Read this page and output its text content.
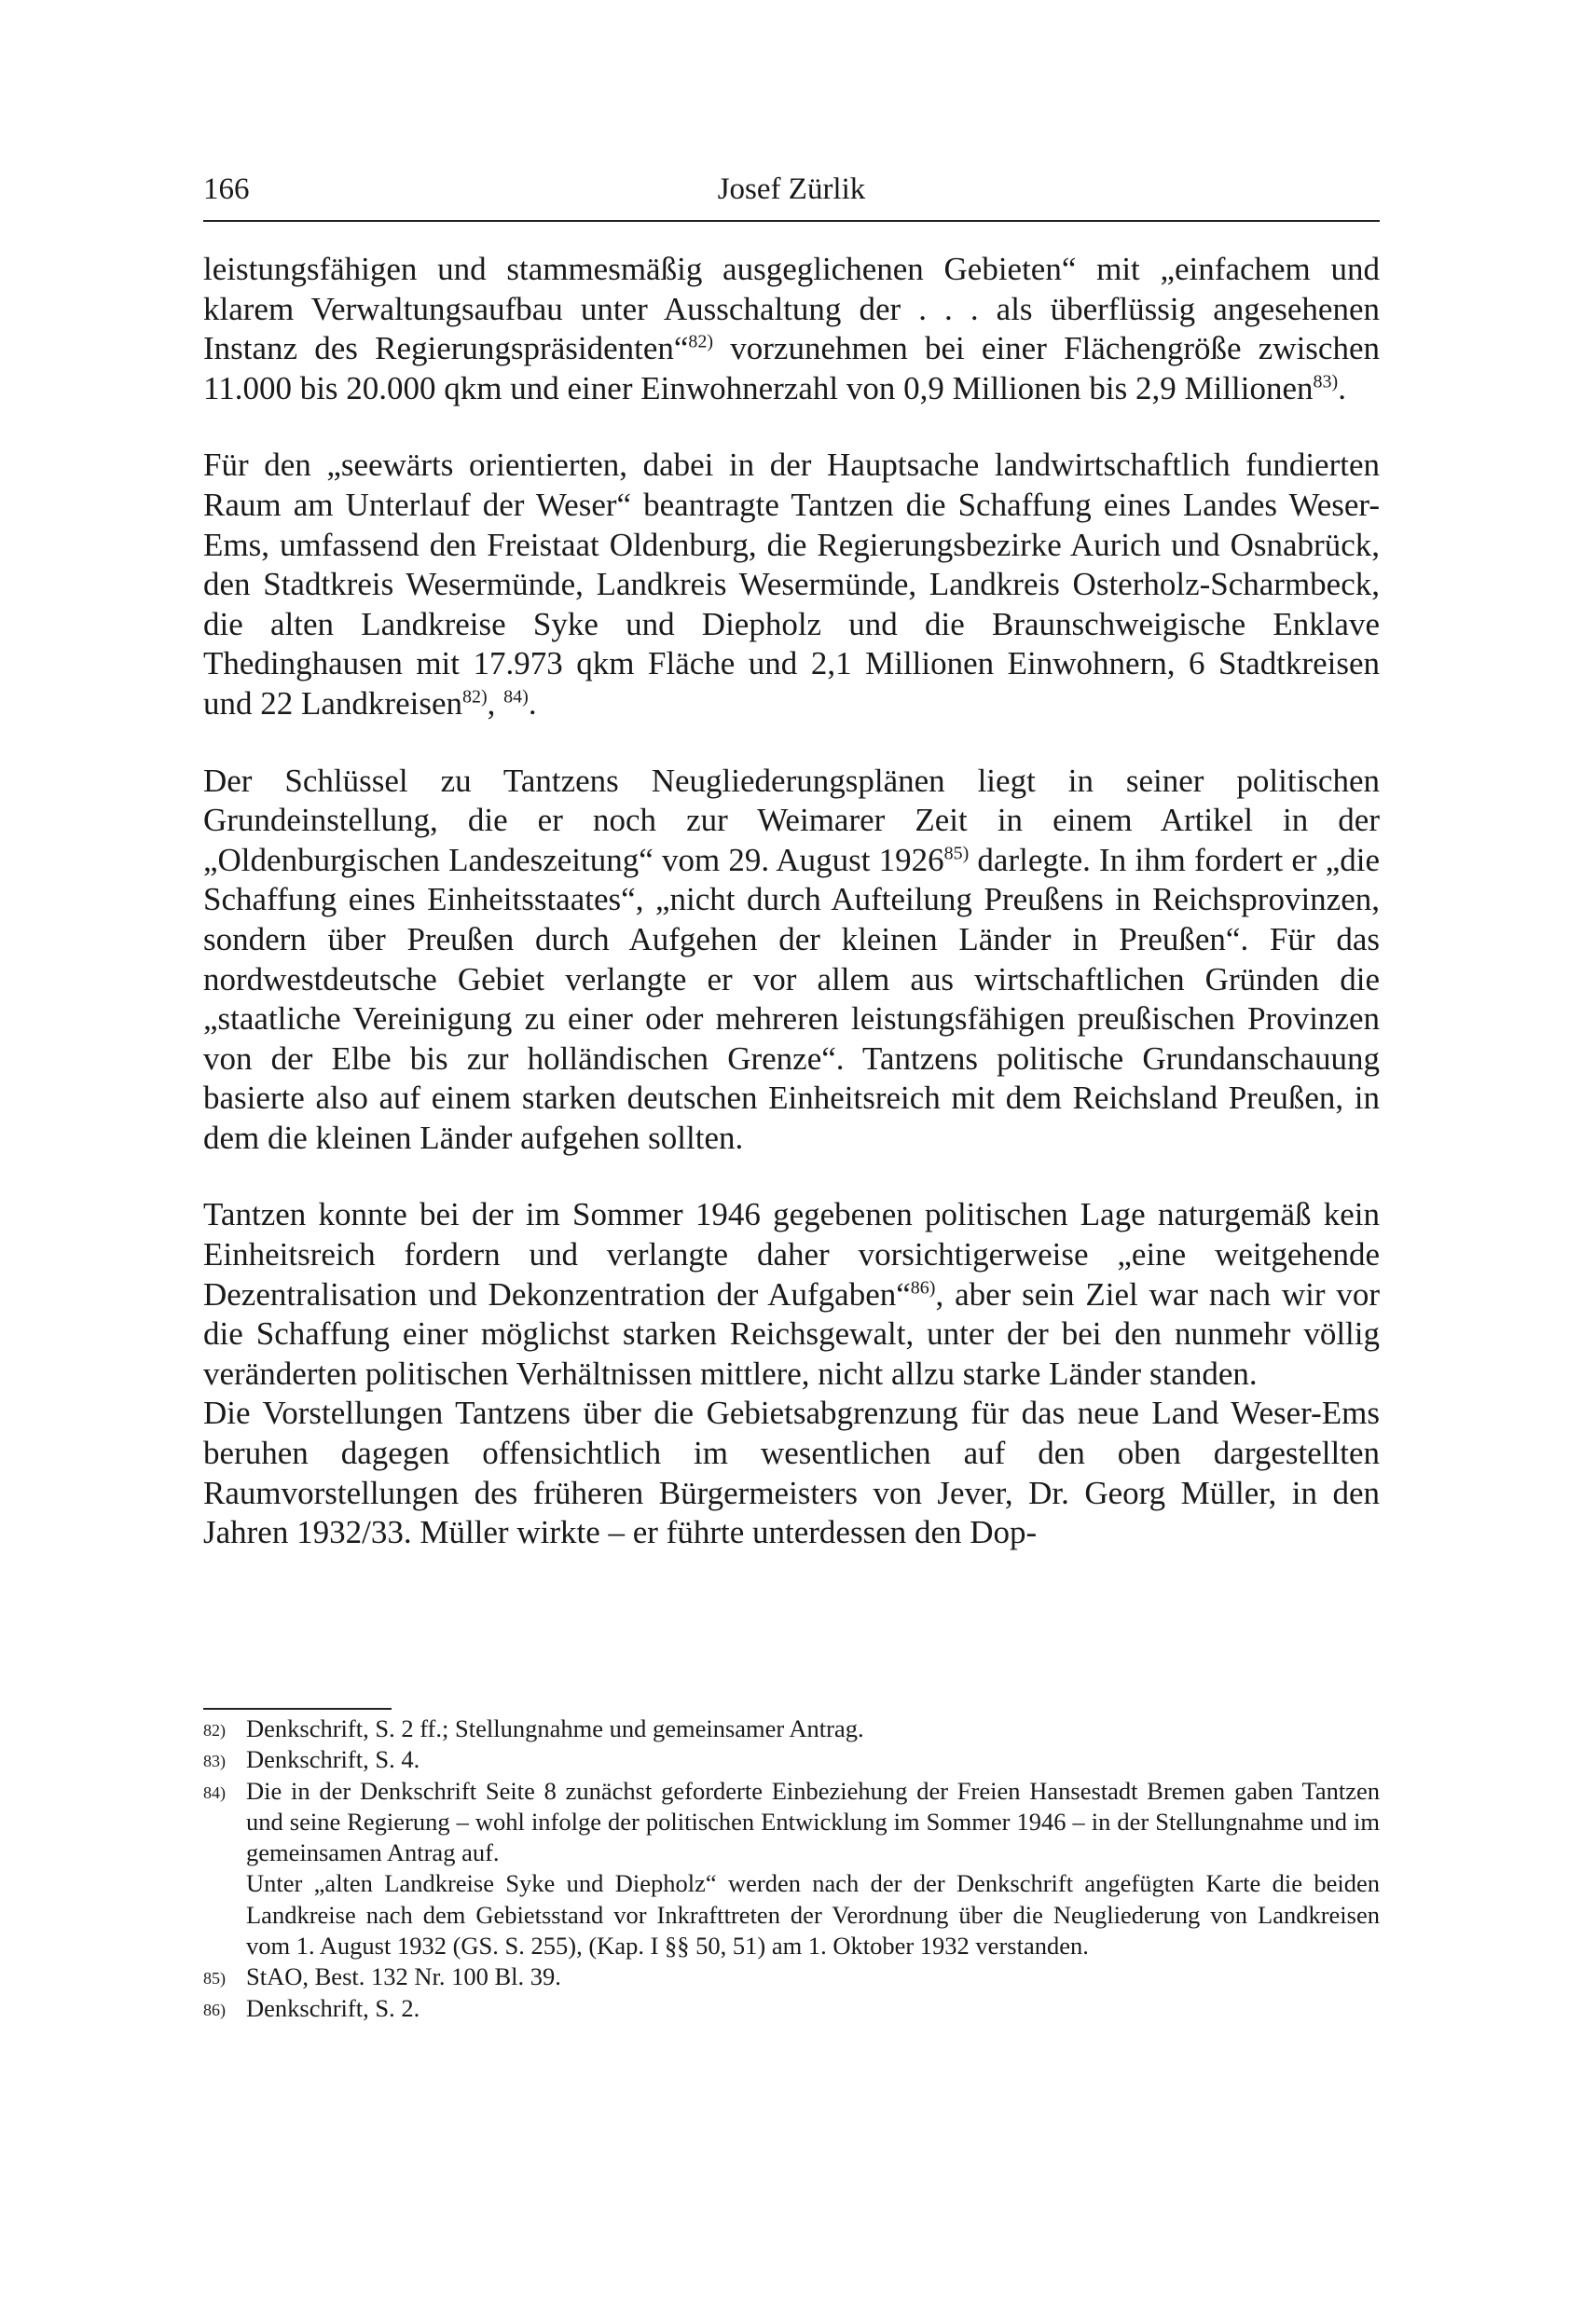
166	Josef Zürlik

leistungsfähigen und stammesmäßig ausgeglichenen Gebieten“ mit „einfachem und klarem Verwaltungsaufbau unter Ausschaltung der . . . als überflüssig angesehenen Instanz des Regierungspräsidenten“$^{82)}$ vorzunehmen bei einer Flächengröße zwischen 11.000 bis 20.000 qkm und einer Einwohnerzahl von 0,9 Millionen bis 2,9 Millionen$^{83)}$.

Für den „seewärts orientierten, dabei in der Hauptsache landwirtschaftlich fundierten Raum am Unterlauf der Weser“ beantragte Tantzen die Schaffung eines Landes Weser-Ems, umfassend den Freistaat Oldenburg, die Regierungsbezirke Aurich und Osnabrück, den Stadtkreis Wesermünde, Landkreis Wesermünde, Landkreis Osterholz-Scharmbeck, die alten Landkreise Syke und Diepholz und die Braunschweigische Enklave Thedinghausen mit 17.973 qkm Fläche und 2,1 Millionen Einwohnern, 6 Stadtkreisen und 22 Landkreisen$^{82)}$, $^{84)}$.

Der Schlüssel zu Tantzens Neugliederungsplänen liegt in seiner politischen Grundeinstellung, die er noch zur Weimarer Zeit in einem Artikel in der „Oldenburgischen Landeszeitung“ vom 29. August 1926$^{85)}$ darlegte. In ihm fordert er „die Schaffung eines Einheitsstaates“, „nicht durch Aufteilung Preußens in Reichsprovinzen, sondern über Preußen durch Aufgehen der kleinen Länder in Preußen“. Für das nordwestdeutsche Gebiet verlangte er vor allem aus wirtschaftlichen Gründen die „staatliche Vereinigung zu einer oder mehreren leistungsfähigen preußischen Provinzen von der Elbe bis zur holländischen Grenze“. Tantzens politische Grundanschauung basierte also auf einem starken deutschen Einheitsreich mit dem Reichsland Preußen, in dem die kleinen Länder aufgehen sollten.

Tantzen konnte bei der im Sommer 1946 gegebenen politischen Lage naturgemäß kein Einheitsreich fordern und verlangte daher vorsichtigerweise „eine weitgehende Dezentralisation und Dekonzentration der Aufgaben“$^{86)}$, aber sein Ziel war nach wir vor die Schaffung einer möglichst starken Reichsgewalt, unter der bei den nunmehr völlig veränderten politischen Verhältnissen mittlere, nicht allzu starke Länder standen.

Die Vorstellungen Tantzens über die Gebietsabgrenzung für das neue Land Weser-Ems beruhen dagegen offensichtlich im wesentlichen auf den oben dargestellten Raumvorstellungen des früheren Bürgermeisters von Jever, Dr. Georg Müller, in den Jahren 1932/33. Müller wirkte – er führte unterdessen den Dop-

82) Denkschrift, S. 2 ff.; Stellungnahme und gemeinsamer Antrag.
83) Denkschrift, S. 4.
84) Die in der Denkschrift Seite 8 zunächst geforderte Einbeziehung der Freien Hansestadt Bremen gaben Tantzen und seine Regierung – wohl infolge der politischen Entwicklung im Sommer 1946 – in der Stellungnahme und im gemeinsamen Antrag auf.
Unter „alten Landkreise Syke und Diepholz“ werden nach der der Denkschrift angefügten Karte die beiden Landkreise nach dem Gebietsstand vor Inkrafttreten der Verordnung über die Neugliederung von Landkreisen vom 1. August 1932 (GS. S. 255), (Kap. I §§ 50, 51) am 1. Oktober 1932 verstanden.
85) StAO, Best. 132 Nr. 100 Bl. 39.
86) Denkschrift, S. 2.
